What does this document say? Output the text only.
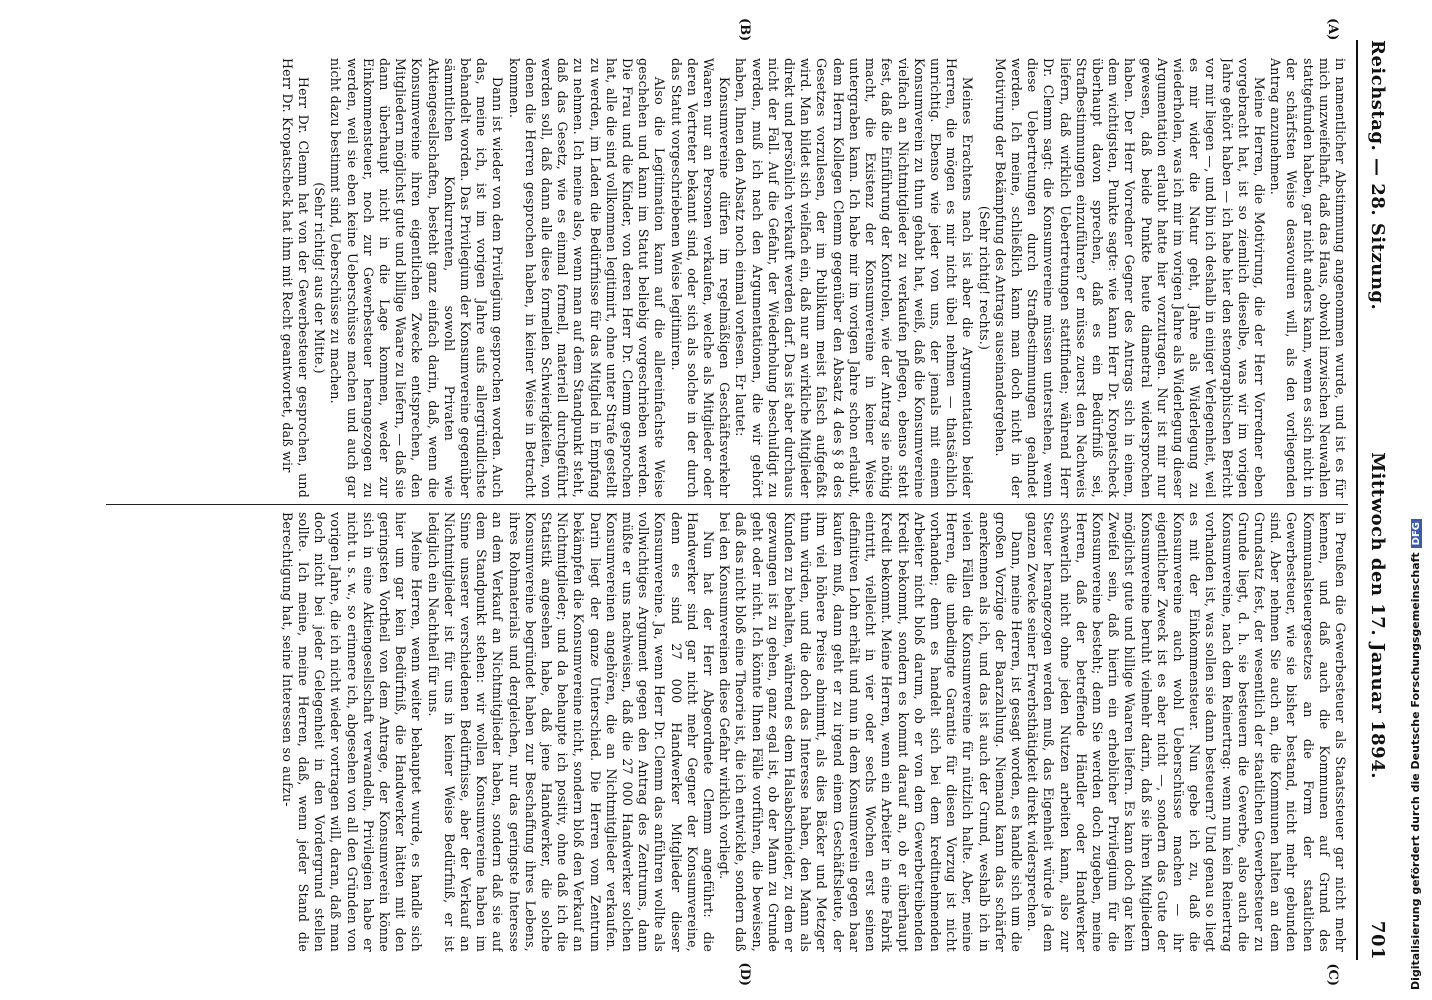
Reichstag. — 28. Sitzung.
Mittwoch den 17. Januar 1894.
701

in namentlicher Abstimmung angenommen wurde, und ist es für mich unzweifelhaft, daß das Haus, obwohl inzwischen Neuwahlen stattgefunden haben, gar nicht anders kann, wenn es sich nicht in der schärfsten Weise desavouiren will, als den vorliegenden Antrag anzunehmen.

Meine Herren, die Motivirung, die der Herr Vorredner eben vorgebracht hat, ist so ziemlich dieselbe, was wir im vorigen Jahre gehört haben — ich habe hier den stenographischen Bericht vor mir liegen —, und bin ich deshalb in einiger Verlegenheit, weil es mir wider die Natur geht, Jahre als Widerlegung zu wiederholen, was ich mir im vorigen Jahre als Widerlegung dieser Argumentation erlaubt hatte hier vorzutragen. Nur ist mir nur gewesen, daß beide Punkte heute diametral widersprochen haben. Der Herr Vorredner Gegner des Antrags sich in einem, dem wichtigsten, Punkte sagte: wie kann Herr Dr. Kropatscheck überhaupt davon sprechen, daß es ein Bedürfniß sei, Strafbestimmungen einzuführen? er müsse zuerst den Nachweis liefern, daß wirklich Uebertretungen stattfinden; während Herr Dr. Clemm sagt: die Konsumvereine müssen unterstehen, wenn diese Uebertretungen durch Strafbestimmungen geahndet werden. Ich meine, schließlich kann man doch nicht in der Motivirung der Bekämpfung des Antrags auseinandergehen.

(Sehr richtig! rechts.)

Meines Erachtens nach ist aber die Argumentation beider Herren, die mögen es mir nicht übel nehmen — thatsächlich unrichtig. Ebenso wie jeder von uns, der jemals mit einem Konsumverein zu thun gehabt hat, weiß, daß die Konsumvereine vielfach an Nichtmitglieder zu verkaufen pflegen, ebenso steht fest, daß die Einführung der Kontrolen, wie der Antrag sie nöthig macht, die Existenz der Konsumvereine in keiner Weise untergraben kann. Ich habe mir im vorigen Jahre schon erlaubt, dem Herrn Kollegen Clemm gegenüber den Absatz 4 des § 8 des Gesetzes vorzulesen, der im Publikum meist falsch aufgefaßt wird. Man bildet sich vielfach ein, daß nur an wirkliche Mitglieder direkt und persönlich verkauft werden darf. Das ist aber durchaus nicht der Fall. Auf die Gefahr, der Wiederholung beschuldigt zu werden, muß ich nach den Argumentationen, die wir gehört haben, Ihnen den Absatz noch einmal vorlesen. Er lautet:

Konsumvereine dürfen im regelmäßigen Geschäftsverkehr Waaren nur an Personen verkaufen, welche als Mitglieder oder deren Vertreter bekannt sind, oder sich als solche in der durch das Statut vorgeschriebenen Weise legitimiren.

Also die Legitimation kann auf die allereinfachste Weise geschehen und kann im Statut beliebig vorgeschrieben werden. Die Frau und die Kinder, von deren Herr Dr. Clemm gesprochen hat, alle die sind vollkommen legitimirt, ohne unter Strafe gestellt zu werden, im Laden die Bedürfnisse für das Mitglied in Empfang zu nehmen. Ich meine also, wenn man auf dem Standpunkt steht, daß das Gesetz, wie es einmal formell, materiell durchgeführt werden soll, daß dann alle diese formellen Schwierigkeiten, von denen die Herren gesprochen haben, in keiner Weise in Betracht kommen.

Dann ist wieder von dem Privilegium gesprochen worden. Auch das, meine ich, ist im vorigen Jahre aufs allergründlichste behandelt worden. Das Privilegium der Konsumvereine gegenüber sämmtlichen Konkurrenten, sowohl Privaten wie Aktiengesellschaften, besteht ganz einfach darin, daß, wenn die Konsumvereine ihren eigentlichen Zwecke entsprechen, den Mitgliedern möglichst gute und billige Waare zu liefern, — daß sie dann überhaupt nicht in die Lage kommen, weder zur Einkommensteuer, noch zur Gewerbesteuer herangezogen zu werden, weil sie eben keine Ueberschüsse machen und auch gar nicht dazu bestimmt sind, Ueberschüsse zu machen.

(Sehr richtig! aus der Mitte.)

Herr Dr. Clemm hat von der Gewerbesteuer gesprochen, und Herr Dr. Kropatscheck hat ihm mit Recht geantwortet, daß wir

in Preußen die Gewerbesteuer als Staatssteuer gar nicht mehr kennen, und daß auch die Kommunen auf Grund des Kommunalsteuergesetzes an die Form der staatlichen Gewerbesteuer, wie sie bisher bestand, nicht mehr gebunden sind. Aber nehmen Sie auch an, die Kommunen halten an dem Grundsatz fest, der wesentlich der staatlichen Gewerbesteuer zu Grunde liegt, d. h. sie besteuern die Gewerbe, also auch die Konsumvereine, nach dem Reinertrag: wenn nun kein Reinertrag vorhanden ist, was sollen sie dann besteuern? Und genau so liegt es mit der Einkommensteuer. Nun gebe ich zu, daß die Konsumvereine auch wohl Ueberschüsse machen — ihr eigentlicher Zweck ist es aber nicht —, sondern das Gute der Konsumvereine beruht vielmehr darin, daß sie ihren Mitgliedern möglichst gute und billige Waaren liefern. Es kann doch gar kein Zweifel sein, daß hierin ein erheblicher Privilegium für die Konsumvereine besteht; denn Sie werden doch zugeben, meine Herren, daß der betreffende Händler oder Handwerker schwerlich nicht ohne jeden Nutzen arbeiten kann, also zur Steuer herangezogen werden muß, das Eigenheit würde ja dem ganzen Zwecke seiner Erwerbsthätigkeit direkt widersprechen.

Dann, meine Herren, ist gesagt worden, es handle sich um die großen Vorzüge der Baarzahlung. Niemand kann das schärfer anerkennen als ich, und das ist auch der Grund, weshalb ich in vielen Fällen die Konsumvereine für nützlich halte. Aber, meine Herren, die unbedingte Garantie für diesen Vorzug ist nicht vorhanden; denn es handelt sich bei dem kreditnehmenden Arbeiter nicht bloß darum, ob er von dem Gewerbetreibenden Kredit bekommt, sondern es kommt darauf an, ob er überhaupt Kredit bekommt. Meine Herren, wenn ein Arbeiter in eine Fabrik eintritt, vielleicht in vier oder sechs Wochen erst seinen definitiven Lohn erhält und nun in dem Konsumverein gegen baar kaufen muß, dann geht er zu irgend einem Geschäftsleute, der ihm viel höhere Preise abnimmt, als dies Bäcker und Metzger thun würden, und die doch das Interesse haben, den Mann als Kunden zu behalten, während es dem Halsabschneider, zu dem er gezwungen ist zu gehen, ganz egal ist, ob der Mann zu Grunde geht oder nicht. Ich könnte Ihnen Fälle vorführen, die beweisen, daß das nicht bloß eine Theorie ist, die ich entwickle, sondern daß bei den Konsumvereinen diese Gefahr wirklich vorliegt.

Nun hat der Herr Abgeordnete Clemm angeführt: die Handwerker sind gar nicht mehr Gegner der Konsumvereine, denn es sind 27 000 Handwerker Mitglieder dieser Konsumvereine. Ja, wenn Herr Dr. Clemm das anführen wollte als vollwichtiges Argument gegen den Antrag des Zentrums, dann müßte er uns nachweisen, daß die 27 000 Handwerker solchen Konsumvereinen angehören, die an Nichtmitglieder verkaufen. Darin liegt der ganze Unterschied. Die Herren vom Zentrum bekämpfen die Konsumvereine nicht, sondern bloß den Verkauf an Nichtmitglieder; und da behaupte ich positiv, ohne daß ich die Statistik angesehen habe, daß jene Handwerker, die solche Konsumvereine begründet haben zur Beschaffung ihres Lebens, ihres Rohmaterials und dergleichen, nur das geringste Interesse an dem Verkauf an Nichtmitglieder haben, sondern daß sie auf dem Standpunkt stehen: wir wollen Konsumvereine haben im Sinne unserer verschiedenen Bedürfnisse, aber der Verkauf an Nichtmitglieder ist für uns in keiner Weise Bedürfniß, er ist lediglich ein Nachtheil für uns.

Meine Herren, wenn weiter behauptet wurde, es handle sich hier um gar kein Bedürfniß, die Handwerker hätten mit den geringsten Vortheil von dem Antrage, der Konsumverein könne sich in eine Aktiengesellschaft verwandeln, Privilegien habe er nicht u. s. w., so erinnere ich, abgesehen von all den Gründen von vorigen Jahre, die ich nicht wieder vortragen will, daran, daß man doch nicht bei jeder Gelegenheit in den Vordergrund stellen sollte. Ich meine, meine Herren, daß, wenn jeder Stand die Berechtigung hat, seine Interessen so aufzu-

(A)
(B)
(C)
(D)	Digitalisierung gefördert durch die Deutsche ForschungsgemeinschaftDFG
